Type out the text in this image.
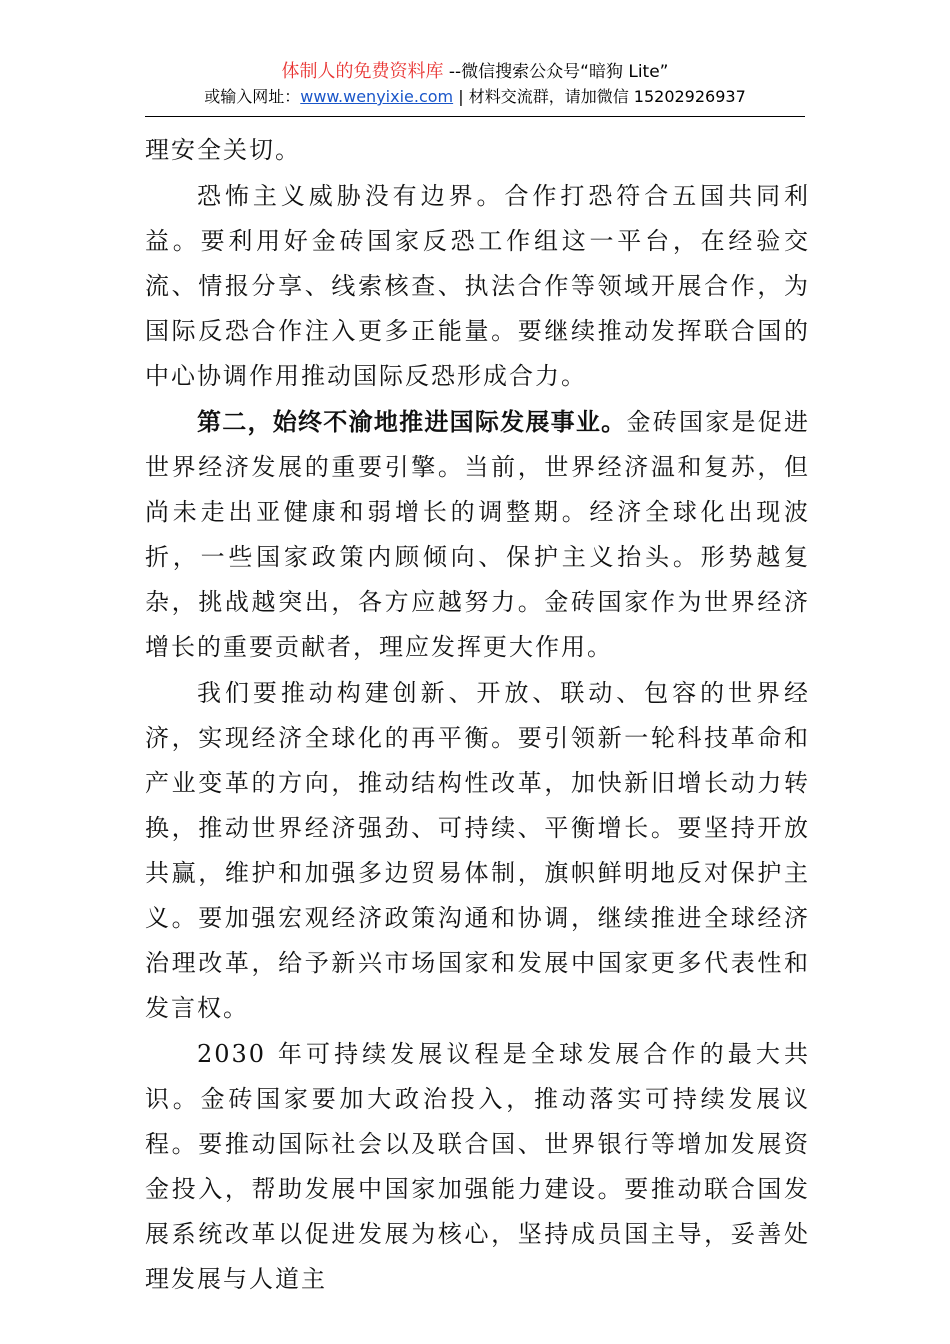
体制人的免费资料库 --微信搜索公众号“暗狗 Lite”
或输入网址：www.wenyixie.com | 材料交流群，请加微信 15202926937

理安全关切。

恐怖主义威胁没有边界。合作打恐符合五国共同利益。要利用好金砖国家反恐工作组这一平台，在经验交流、情报分享、线索核查、执法合作等领域开展合作，为国际反恐合作注入更多正能量。要继续推动发挥联合国的中心协调作用推动国际反恐形成合力。

第二，始终不渝地推进国际发展事业。金砖国家是促进世界经济发展的重要引擎。当前，世界经济温和复苏，但尚未走出亚健康和弱增长的调整期。经济全球化出现波折，一些国家政策内顾倾向、保护主义抬头。形势越复杂，挑战越突出，各方应越努力。金砖国家作为世界经济增长的重要贡献者，理应发挥更大作用。

我们要推动构建创新、开放、联动、包容的世界经济，实现经济全球化的再平衡。要引领新一轮科技革命和产业变革的方向，推动结构性改革，加快新旧增长动力转换，推动世界经济强劲、可持续、平衡增长。要坚持开放共赢，维护和加强多边贸易体制，旗帜鲜明地反对保护主义。要加强宏观经济政策沟通和协调，继续推进全球经济治理改革，给予新兴市场国家和发展中国家更多代表性和发言权。

2030 年可持续发展议程是全球发展合作的最大共识。金砖国家要加大政治投入，推动落实可持续发展议程。要推动国际社会以及联合国、世界银行等增加发展资金投入，帮助发展中国家加强能力建设。要推动联合国发展系统改革以促进发展为核心，坚持成员国主导，妥善处理发展与人道主
